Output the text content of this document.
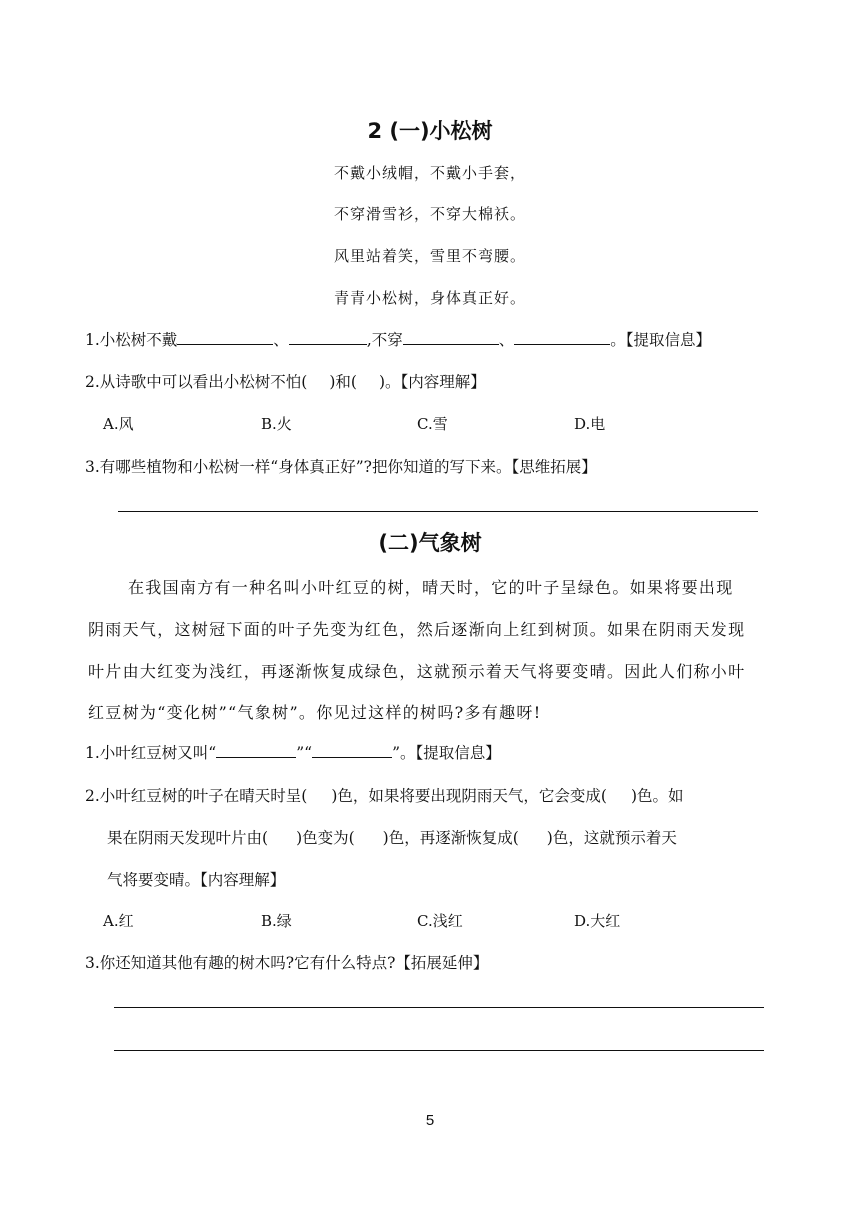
2 (一)小松树
不戴小绒帽，不戴小手套，
不穿滑雪衫，不穿大棉袄。
风里站着笑，雪里不弯腰。
青青小松树，身体真正好。
1.小松树不戴	、	,不穿	、	。【提取信息】
2.从诗歌中可以看出小松树不怕( )和( )。【内容理解】
A.风	B.火	C.雪	D.电
3.有哪些植物和小松树一样“身体真正好”?把你知道的写下来。【思维拓展】
(二)气象树
在我国南方有一种名叫小叶红豆的树，晴天时，它的叶子呈绿色。如果将要出现
阴雨天气，这树冠下面的叶子先变为红色，然后逐渐向上红到树顶。如果在阴雨天发现
叶片由大红变为浅红，再逐渐恢复成绿色，这就预示着天气将要变晴。因此人们称小叶
红豆树为“变化树”“气象树”。你见过这样的树吗?多有趣呀!
1.小叶红豆树又叫“	”“	”。【提取信息】
2.小叶红豆树的叶子在晴天时呈( )色，如果将要出现阴雨天气，它会变成( )色。如
果在阴雨天发现叶片由( )色变为( )色，再逐渐恢复成( )色，这就预示着天
气将要变晴。【内容理解】
A.红	B.绿	C.浅红	D.大红
3.你还知道其他有趣的树木吗?它有什么特点?【拓展延伸】
5
